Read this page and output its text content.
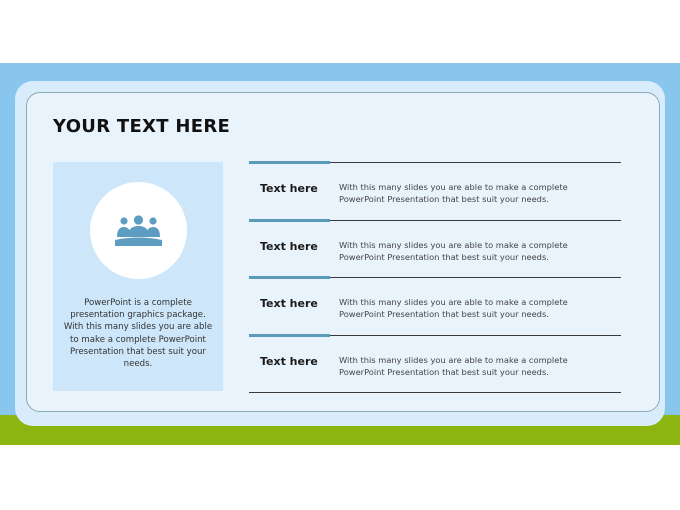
YOUR TEXT HERE
PowerPoint is a complete presentation graphics package. With this many slides you are able to make a complete PowerPoint Presentation that best suit your needs.
Text here	With this many slides you are able to make a complete PowerPoint Presentation that best suit your needs.
Text here	With this many slides you are able to make a complete PowerPoint Presentation that best suit your needs.
Text here	With this many slides you are able to make a complete PowerPoint Presentation that best suit your needs.
Text here	With this many slides you are able to make a complete PowerPoint Presentation that best suit your needs.
